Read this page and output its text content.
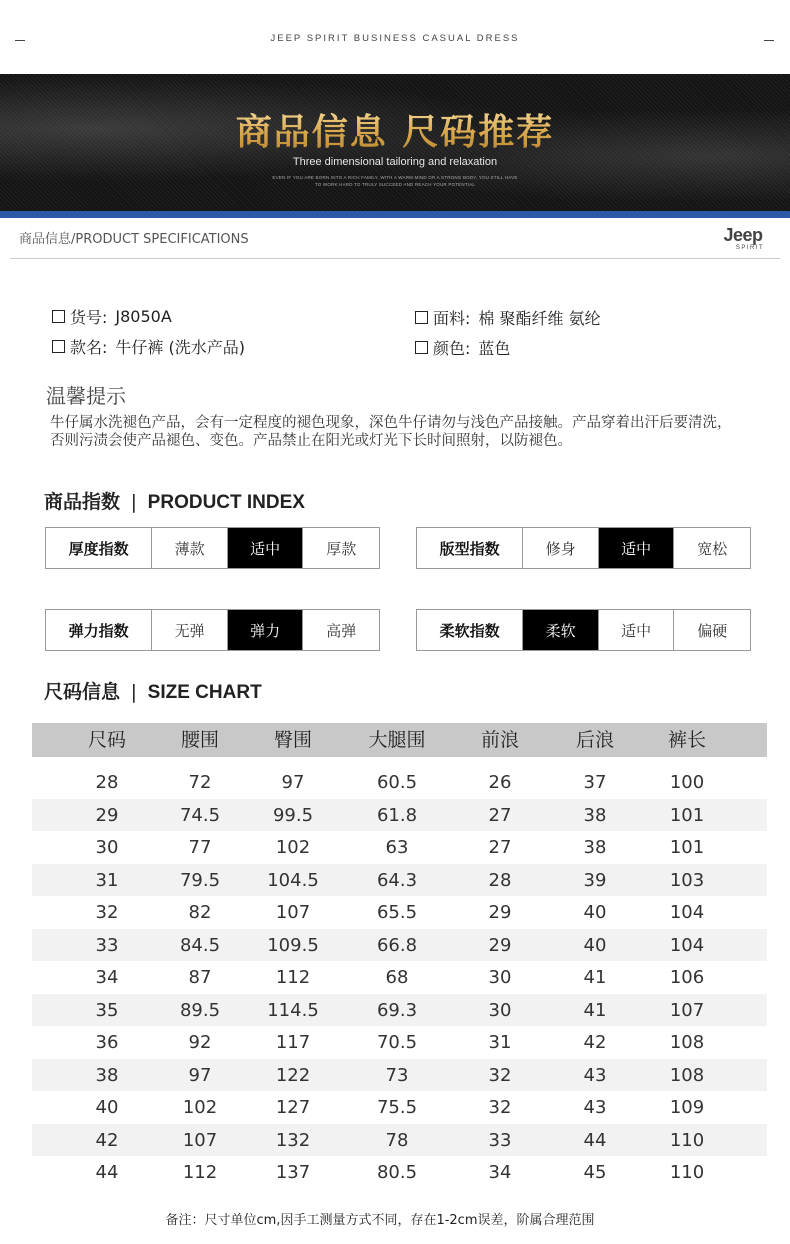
JEEP SPIRIT BUSINESS CASUAL DRESS
商品信息 尺码推荐
Three dimensional tailoring and relaxation
EVEN IF YOU ARE BORN INTO A RICH FAMILY, WITH A WARM MIND OR A STRONG BODY, YOU STILL HAVE
TO WORK HARD TO TRULY SUCCEED AND REACH YOUR POTENTIAL
商品信息/PRODUCT SPECIFICATIONS	Jeep
SPIRIT
货号: J8050A
款名: 牛仔裤 (洗水产品)
面料: 棉 聚酯纤维 氨纶
颜色: 蓝色
温馨提示
牛仔属水洗褪色产品，会有一定程度的褪色现象，深色牛仔请勿与浅色产品接触。产品穿着出汗后要清洗，否则污渍会使产品褪色、变色。产品禁止在阳光或灯光下长时间照射，以防褪色。
商品指数 | PRODUCT INDEX
厚度指数	薄款	适中	厚款	版型指数	修身	适中	宽松
弹力指数	无弹	弹力	高弹	柔软指数	柔软	适中	偏硬
尺码信息 | SIZE CHART
尺码	腰围	臀围	大腿围	前浪	后浪	裤长
28	72	97	60.5	26	37	100
29	74.5	99.5	61.8	27	38	101
30	77	102	63	27	38	101
31	79.5	104.5	64.3	28	39	103
32	82	107	65.5	29	40	104
33	84.5	109.5	66.8	29	40	104
34	87	112	68	30	41	106
35	89.5	114.5	69.3	30	41	107
36	92	117	70.5	31	42	108
38	97	122	73	32	43	108
40	102	127	75.5	32	43	109
42	107	132	78	33	44	110
44	112	137	80.5	34	45	110
备注：尺寸单位cm,因手工测量方式不同，存在1-2cm误差，阶属合理范围
